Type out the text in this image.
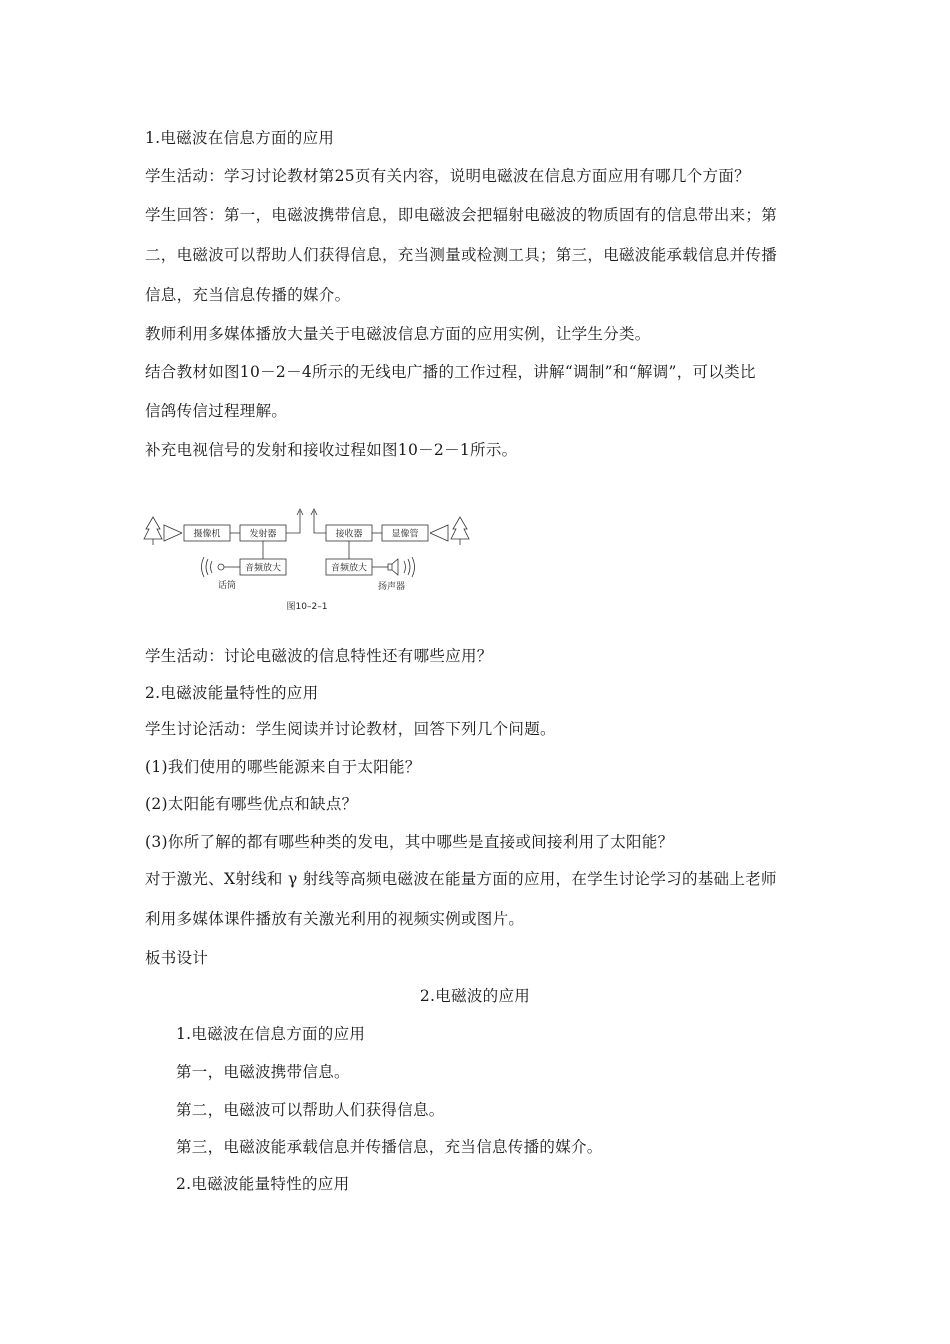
1.电磁波在信息方面的应用
学生活动：学习讨论教材第25页有关内容，说明电磁波在信息方面应用有哪几个方面？
学生回答：第一，电磁波携带信息，即电磁波会把辐射电磁波的物质固有的信息带出来；第
二，电磁波可以帮助人们获得信息，充当测量或检测工具；第三，电磁波能承载信息并传播
信息，充当信息传播的媒介。
教师利用多媒体播放大量关于电磁波信息方面的应用实例，让学生分类。
结合教材如图10－2－4所示的无线电广播的工作过程，讲解“调制”和“解调”，可以类比
信鸽传信过程理解。
补充电视信号的发射和接收过程如图10－2－1所示。
摄像机	发射器
音频放大
话筒
接收器	显像管
音频放大
扬声器
图10–2–1
学生活动：讨论电磁波的信息特性还有哪些应用？
2.电磁波能量特性的应用
学生讨论活动：学生阅读并讨论教材，回答下列几个问题。
(1)我们使用的哪些能源来自于太阳能？
(2)太阳能有哪些优点和缺点？
(3)你所了解的都有哪些种类的发电，其中哪些是直接或间接利用了太阳能？
对于激光、X射线和 γ 射线等高频电磁波在能量方面的应用，在学生讨论学习的基础上老师
利用多媒体课件播放有关激光利用的视频实例或图片。
板书设计
2.电磁波的应用
1.电磁波在信息方面的应用
第一，电磁波携带信息。
第二，电磁波可以帮助人们获得信息。
第三，电磁波能承载信息并传播信息，充当信息传播的媒介。
2.电磁波能量特性的应用
